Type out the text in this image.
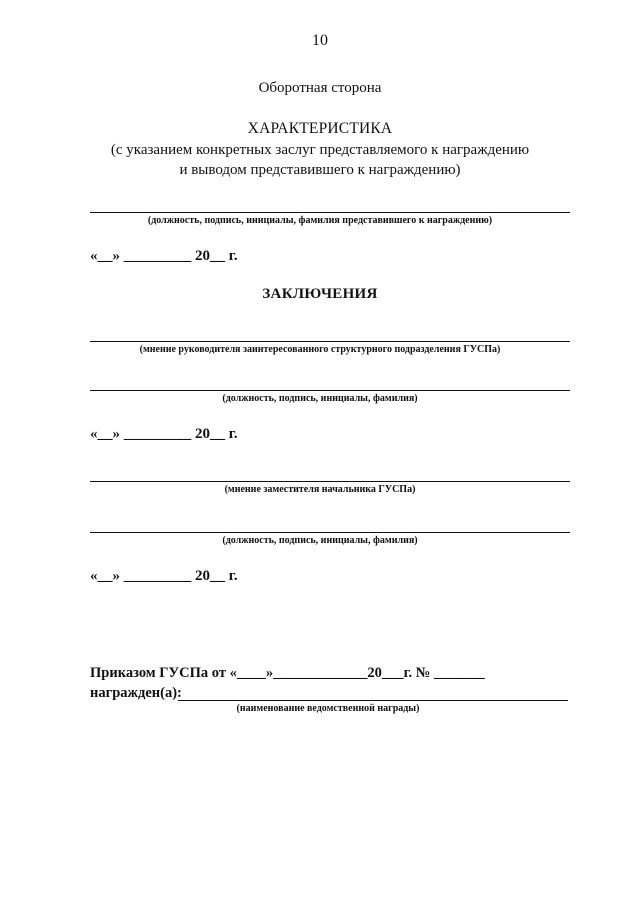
10
Оборотная сторона
ХАРАКТЕРИСТИКА
(с указанием конкретных заслуг представляемого к награждению
и выводом представившего к награждению)
(должность, подпись, инициалы, фамилия представившего к награждению)
«__» _________ 20__ г.
ЗАКЛЮЧЕНИЯ
(мнение руководителя заинтересованного структурного подразделения ГУСПа)
(должность, подпись, инициалы, фамилия)
«__» _________ 20__ г.
(мнение заместителя начальника ГУСПа)
(должность, подпись, инициалы, фамилия)
«__» _________ 20__ г.
Приказом ГУСПа от «____»_____________20___г. № _______
награжден(а):
(наименование ведомственной награды)
